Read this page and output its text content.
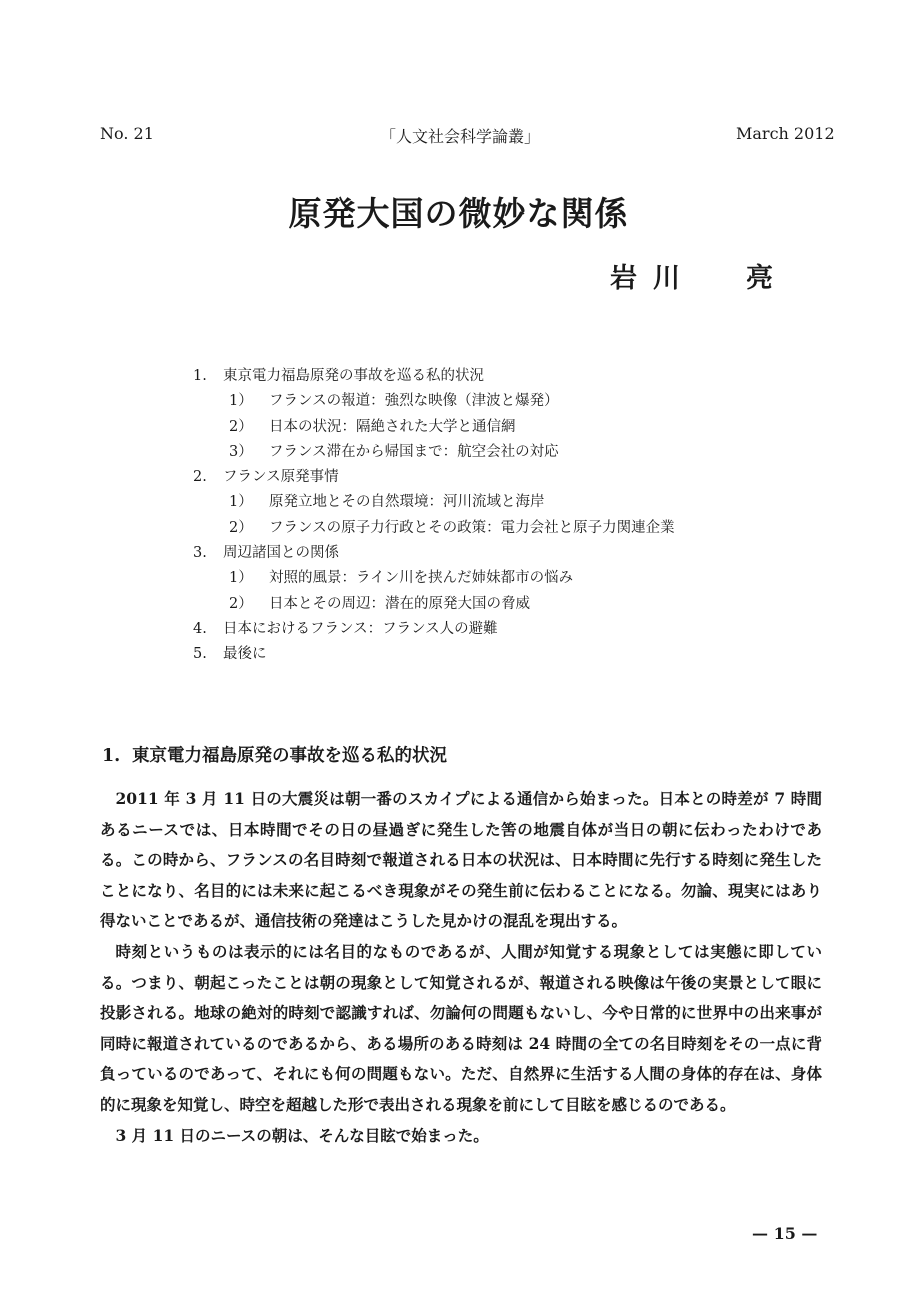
No. 21	「人文社会科学論叢」	March 2012
原発大国の微妙な関係
岩 川 亮
1. 東京電力福島原発の事故を巡る私的状況
1） フランスの報道：強烈な映像（津波と爆発）
2） 日本の状況：隔絶された大学と通信網
3） フランス滞在から帰国まで：航空会社の対応
2. フランス原発事情
1） 原発立地とその自然環境：河川流域と海岸
2） フランスの原子力行政とその政策：電力会社と原子力関連企業
3. 周辺諸国との関係
1） 対照的風景：ライン川を挟んだ姉妹都市の悩み
2） 日本とその周辺：潜在的原発大国の脅威
4. 日本におけるフランス：フランス人の避難
5. 最後に
1. 東京電力福島原発の事故を巡る私的状況

2011 年 3 月 11 日の大震災は朝一番のスカイプによる通信から始まった。日本との時差が 7 時間あるニースでは、日本時間でその日の昼過ぎに発生した筈の地震自体が当日の朝に伝わったわけである。この時から、フランスの名目時刻で報道される日本の状況は、日本時間に先行する時刻に発生したことになり、名目的には未来に起こるべき現象がその発生前に伝わることになる。勿論、現実にはあり得ないことであるが、通信技術の発達はこうした見かけの混乱を現出する。

時刻というものは表示的には名目的なものであるが、人間が知覚する現象としては実態に即している。つまり、朝起こったことは朝の現象として知覚されるが、報道される映像は午後の実景として眼に投影される。地球の絶対的時刻で認識すれば、勿論何の問題もないし、今や日常的に世界中の出来事が同時に報道されているのであるから、ある場所のある時刻は 24 時間の全ての名目時刻をその一点に背負っているのであって、それにも何の問題もない。ただ、自然界に生活する人間の身体的存在は、身体的に現象を知覚し、時空を超越した形で表出される現象を前にして目眩を感じるのである。

3 月 11 日のニースの朝は、そんな目眩で始まった。

— 15 —
